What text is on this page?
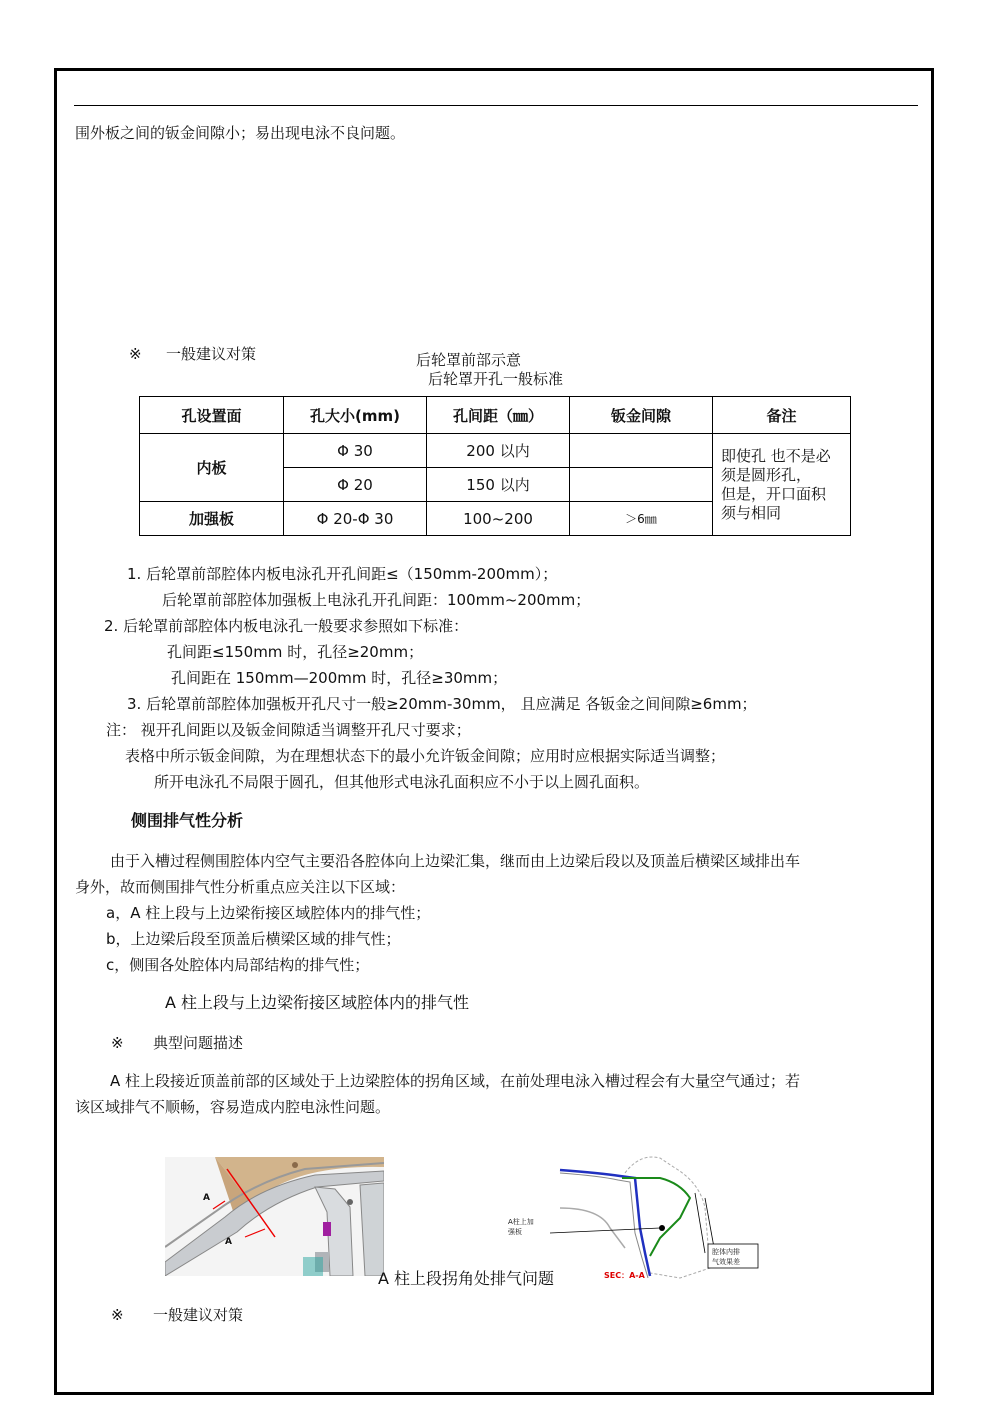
围外板之间的钣金间隙小；易出现电泳不良问题。
※ 一般建议对策	后轮罩前部示意
后轮罩开孔一般标准
孔设置面	孔大小(mm)	孔间距（㎜）	钣金间隙	备注
内板	Φ 30	200 以内		即使孔 也不是必
须是圆形孔，
但是，开口面积
须与相同

	Φ 20	150 以内		
加强板	Φ 20-Φ 30	100~200	＞6㎜	
1. 后轮罩前部腔体内板电泳孔开孔间距≤（150mm-200mm）；
后轮罩前部腔体加强板上电泳孔开孔间距：100mm~200mm；
2. 后轮罩前部腔体内板电泳孔一般要求参照如下标准：
孔间距≤150mm 时，孔径≥20mm；
孔间距在 150mm—200mm 时，孔径≥30mm；
3. 后轮罩前部腔体加强板开孔尺寸一般≥20mm-30mm， 且应满足 各钣金之间间隙≥6mm；
注： 视开孔间距以及钣金间隙适当调整开孔尺寸要求；
表格中所示钣金间隙，为在理想状态下的最小允许钣金间隙；应用时应根据实际适当调整；
所开电泳孔不局限于圆孔，但其他形式电泳孔面积应不小于以上圆孔面积。
侧围排气性分析
由于入槽过程侧围腔体内空气主要沿各腔体向上边梁汇集，继而由上边梁后段以及顶盖后横梁区域排出车
身外，故而侧围排气性分析重点应关注以下区域：
a，A 柱上段与上边梁衔接区域腔体内的排气性；
b，上边梁后段至顶盖后横梁区域的排气性；
c，侧围各处腔体内局部结构的排气性；
A 柱上段与上边梁衔接区域腔体内的排气性
※ 典型问题描述
A 柱上段接近顶盖前部的区域处于上边梁腔体的拐角区域，在前处理电泳入槽过程会有大量空气通过；若
该区域排气不顺畅，容易造成内腔电泳性问题。
A
A
A柱上加
强板
腔体内排
气效果差
SEC：A-A
A 柱上段拐角处排气问题
※ 一般建议对策
